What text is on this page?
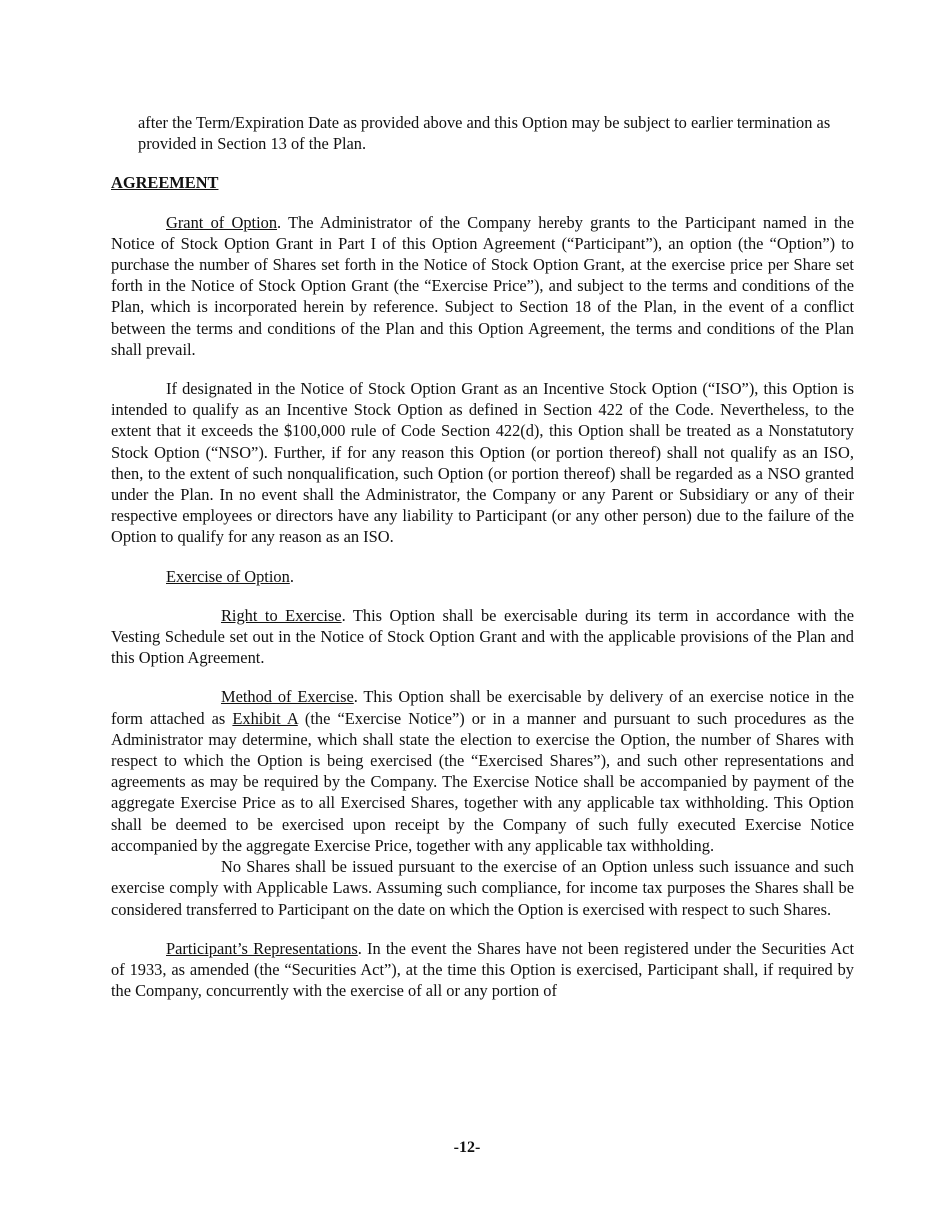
after the Term/Expiration Date as provided above and this Option may be subject to earlier termination as provided in Section 13 of the Plan.

AGREEMENT

Grant of Option. The Administrator of the Company hereby grants to the Participant named in the Notice of Stock Option Grant in Part I of this Option Agreement (“Participant”), an option (the “Option”) to purchase the number of Shares set forth in the Notice of Stock Option Grant, at the exercise price per Share set forth in the Notice of Stock Option Grant (the “Exercise Price”), and subject to the terms and conditions of the Plan, which is incorporated herein by reference. Subject to Section 18 of the Plan, in the event of a conflict between the terms and conditions of the Plan and this Option Agreement, the terms and conditions of the Plan shall prevail.

If designated in the Notice of Stock Option Grant as an Incentive Stock Option (“ISO”), this Option is intended to qualify as an Incentive Stock Option as defined in Section 422 of the Code. Nevertheless, to the extent that it exceeds the $100,000 rule of Code Section 422(d), this Option shall be treated as a Nonstatutory Stock Option (“NSO”). Further, if for any reason this Option (or portion thereof) shall not qualify as an ISO, then, to the extent of such nonqualification, such Option (or portion thereof) shall be regarded as a NSO granted under the Plan. In no event shall the Administrator, the Company or any Parent or Subsidiary or any of their respective employees or directors have any liability to Participant (or any other person) due to the failure of the Option to qualify for any reason as an ISO.

Exercise of Option.

Right to Exercise. This Option shall be exercisable during its term in accordance with the Vesting Schedule set out in the Notice of Stock Option Grant and with the applicable provisions of the Plan and this Option Agreement.

Method of Exercise. This Option shall be exercisable by delivery of an exercise notice in the form attached as Exhibit A (the “Exercise Notice”) or in a manner and pursuant to such procedures as the Administrator may determine, which shall state the election to exercise the Option, the number of Shares with respect to which the Option is being exercised (the “Exercised Shares”), and such other representations and agreements as may be required by the Company. The Exercise Notice shall be accompanied by payment of the aggregate Exercise Price as to all Exercised Shares, together with any applicable tax withholding. This Option shall be deemed to be exercised upon receipt by the Company of such fully executed Exercise Notice accompanied by the aggregate Exercise Price, together with any applicable tax withholding.

No Shares shall be issued pursuant to the exercise of an Option unless such issuance and such exercise comply with Applicable Laws. Assuming such compliance, for income tax purposes the Shares shall be considered transferred to Participant on the date on which the Option is exercised with respect to such Shares.

Participant’s Representations. In the event the Shares have not been registered under the Securities Act of 1933, as amended (the “Securities Act”), at the time this Option is exercised, Participant shall, if required by the Company, concurrently with the exercise of all or any portion of

-12-
